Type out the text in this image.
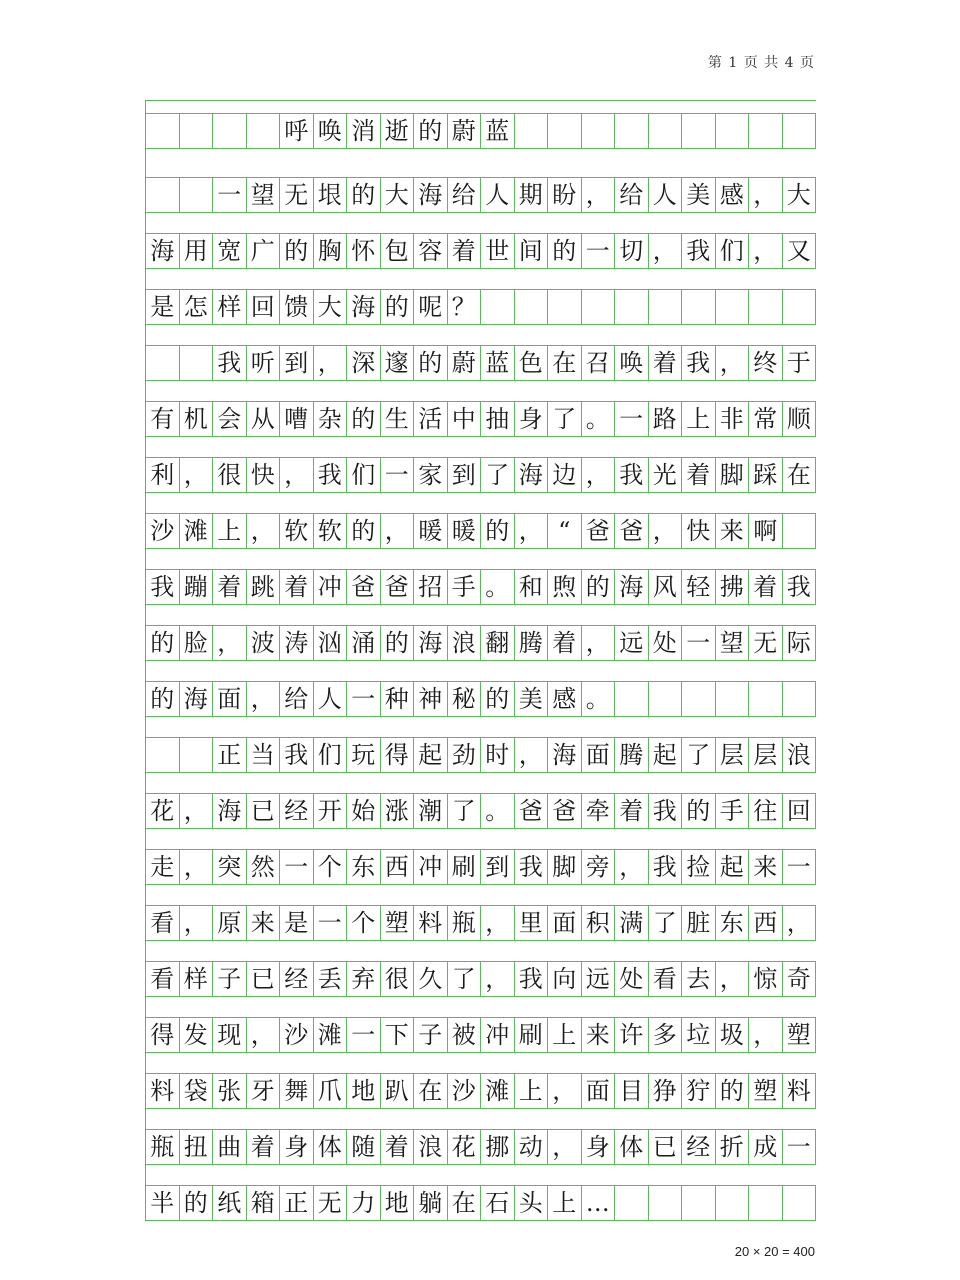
第 1 页 共 4 页
呼 唤 消 逝 的 蔚 蓝
一 望 无 垠 的 大 海 给 人 期 盼 ， 给 人 美 感 ， 大
海 用 宽 广 的 胸 怀 包 容 着 世 间 的 一 切 ， 我 们 ， 又
是 怎 样 回 馈 大 海 的 呢 ？
我 听 到 ， 深 邃 的 蔚 蓝 色 在 召 唤 着 我 ， 终 于
有 机 会 从 嘈 杂 的 生 活 中 抽 身 了 。 一 路 上 非 常 顺
利 ， 很 快 ， 我 们 一 家 到 了 海 边 ， 我 光 着 脚 踩 在
沙 滩 上 ， 软 软 的 ， 暖 暖 的 ， “ 爸 爸 ， 快 来 啊
我 蹦 着 跳 着 冲 爸 爸 招 手 。 和 煦 的 海 风 轻 拂 着 我
的 脸 ， 波 涛 汹 涌 的 海 浪 翻 腾 着 ， 远 处 一 望 无 际
的 海 面 ， 给 人 一 种 神 秘 的 美 感 。
正 当 我 们 玩 得 起 劲 时 ， 海 面 腾 起 了 层 层 浪
花 ， 海 已 经 开 始 涨 潮 了 。 爸 爸 牵 着 我 的 手 往 回
走 ， 突 然 一 个 东 西 冲 刷 到 我 脚 旁 ， 我 捡 起 来 一
看 ， 原 来 是 一 个 塑 料 瓶 ， 里 面 积 满 了 脏 东 西 ，
看 样 子 已 经 丢 弃 很 久 了 ， 我 向 远 处 看 去 ， 惊 奇
得 发 现 ， 沙 滩 一 下 子 被 冲 刷 上 来 许 多 垃 圾 ， 塑
料 袋 张 牙 舞 爪 地 趴 在 沙 滩 上 ， 面 目 狰 狞 的 塑 料
瓶 扭 曲 着 身 体 随 着 浪 花 挪 动 ， 身 体 已 经 折 成 一
半 的 纸 箱 正 无 力 地 躺 在 石 头 上 …
20 × 20 = 400
